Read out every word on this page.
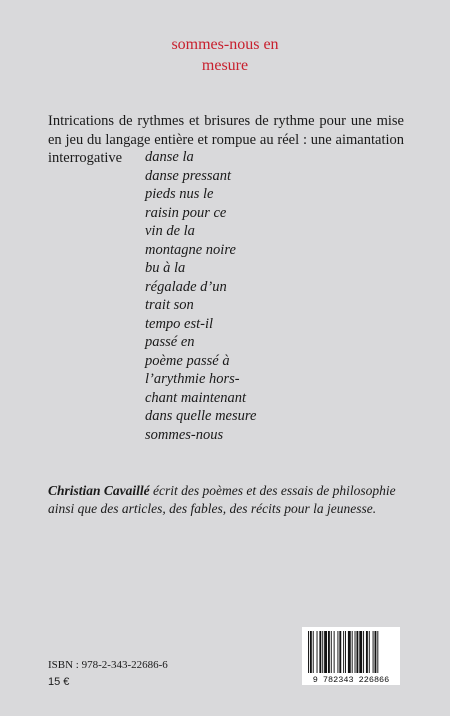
sommes-nous en
mesure

Intrications de rythmes et brisures de rythme pour une mise en jeu du langage entière et rompue au réel : une aimantation interrogative	danse la
danse pressant
pieds nus le
raisin pour ce
vin de la
montagne noire
bu à la
régalade d’un
trait son
tempo est-il
passé en
poème passé à
l’arythmie hors-
chant maintenant
dans quelle mesure
sommes-nous

Christian Cavaillé écrit des poèmes et des essais de philosophie ainsi que des articles, des fables, des récits pour la jeunesse.

ISBN : 978-2-343-22686-6
15 €	9 782343 226866
